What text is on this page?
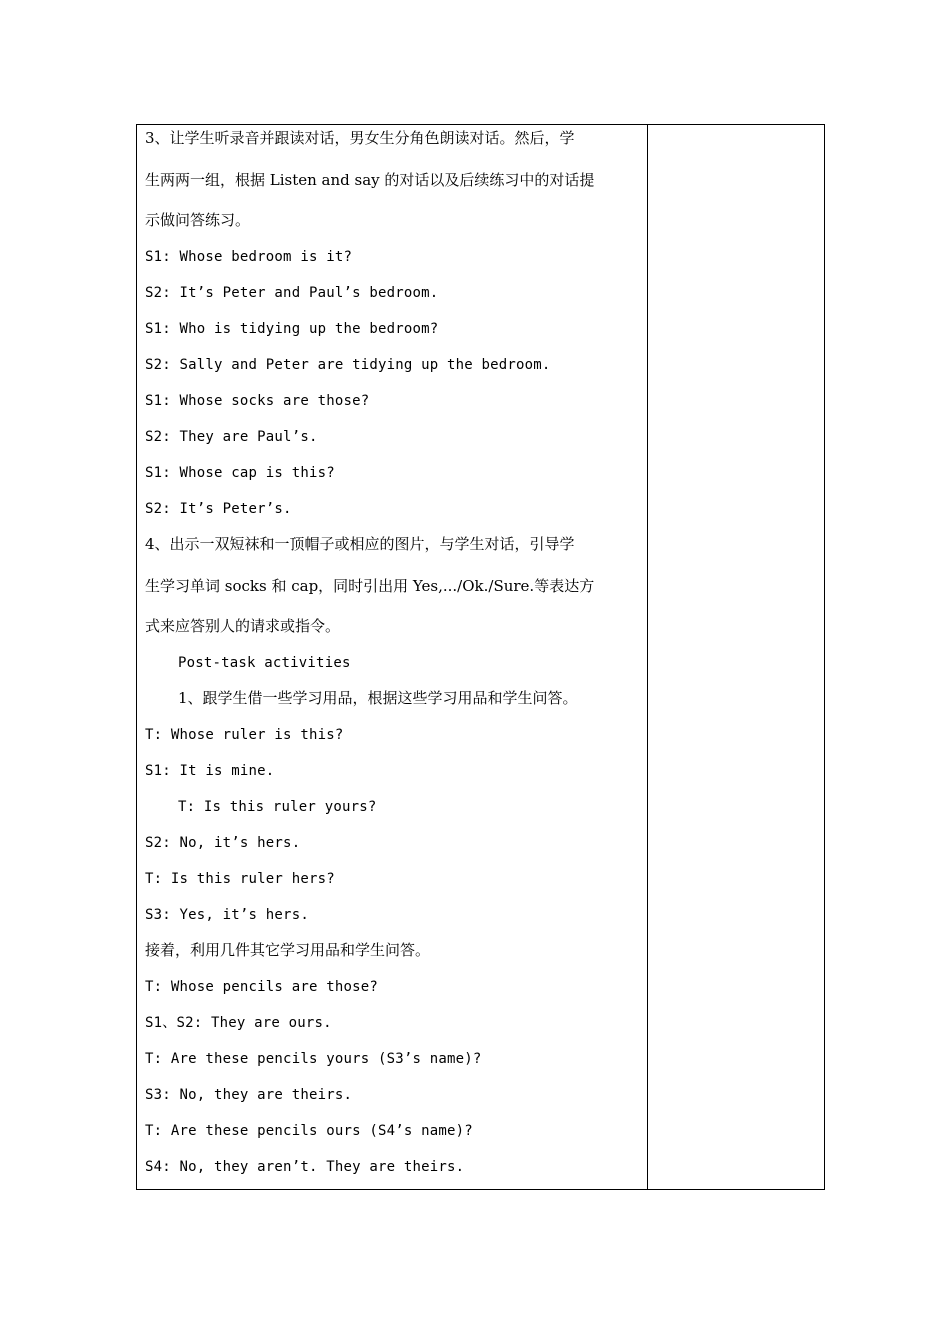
3、让学生听录音并跟读对话，男女生分角色朗读对话。然后，学
生两两一组，根据 Listen and say 的对话以及后续练习中的对话提
示做问答练习。
S1: Whose bedroom is it?
S2: It’s Peter and Paul’s bedroom.
S1: Who is tidying up the bedroom?
S2: Sally and Peter are tidying up the bedroom.
S1: Whose socks are those?
S2: They are Paul’s.
S1: Whose cap is this?
S2: It’s Peter’s.
4、出示一双短袜和一顶帽子或相应的图片，与学生对话，引导学
生学习单词 socks 和 cap，同时引出用 Yes,.../Ok./Sure.等表达方
式来应答别人的请求或指令。
Post-task activities
1、跟学生借一些学习用品，根据这些学习用品和学生问答。
T: Whose ruler is this?
S1: It is mine.
T: Is this ruler yours?
S2: No, it’s hers.
T: Is this ruler hers?
S3: Yes, it’s hers.
接着，利用几件其它学习用品和学生问答。
T: Whose pencils are those?
S1、S2: They are ours.
T: Are these pencils yours (S3’s name)?
S3: No, they are theirs.
T: Are these pencils ours (S4’s name)?
S4: No, they aren’t. They are theirs.
